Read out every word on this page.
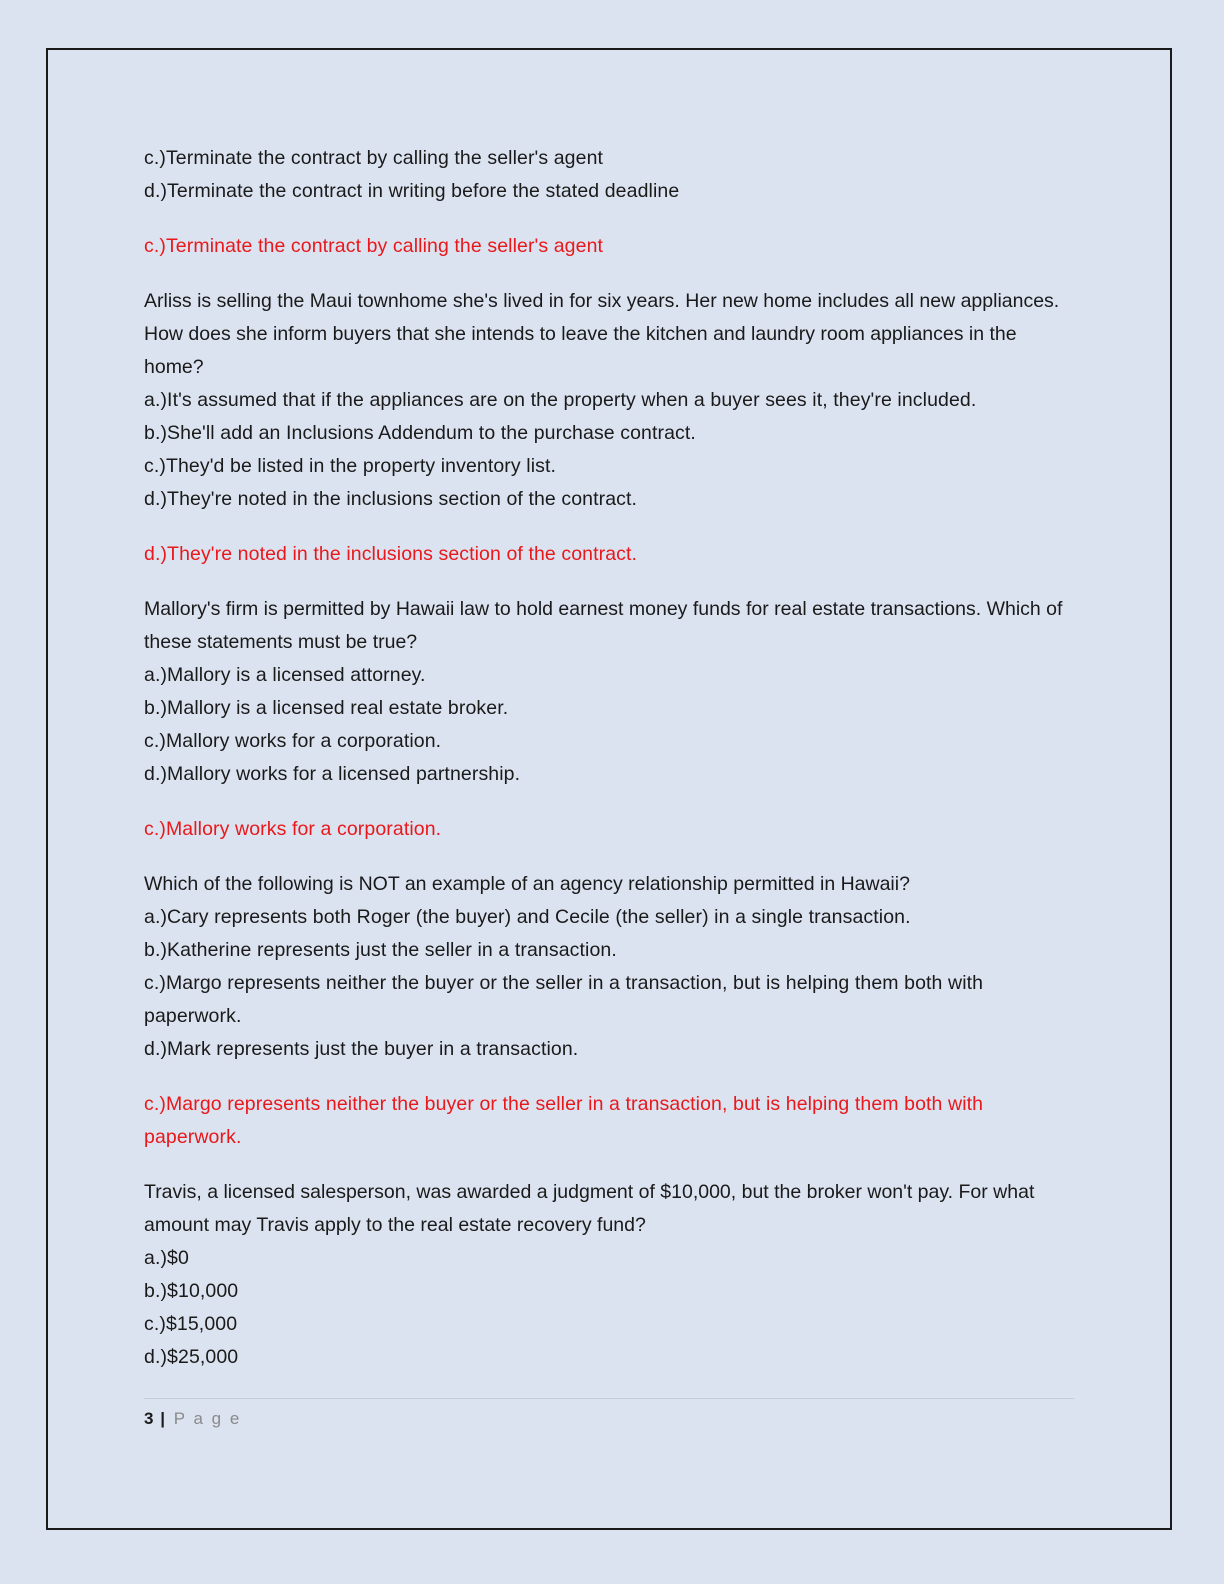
c.)Terminate the contract by calling the seller's agent
d.)Terminate the contract in writing before the stated deadline
c.)Terminate the contract by calling the seller's agent
Arliss is selling the Maui townhome she's lived in for six years. Her new home includes all new appliances. How does she inform buyers that she intends to leave the kitchen and laundry room appliances in the home?
a.)It's assumed that if the appliances are on the property when a buyer sees it, they're included.
b.)She'll add an Inclusions Addendum to the purchase contract.
c.)They'd be listed in the property inventory list.
d.)They're noted in the inclusions section of the contract.
d.)They're noted in the inclusions section of the contract.
Mallory's firm is permitted by Hawaii law to hold earnest money funds for real estate transactions. Which of these statements must be true?
a.)Mallory is a licensed attorney.
b.)Mallory is a licensed real estate broker.
c.)Mallory works for a corporation.
d.)Mallory works for a licensed partnership.
c.)Mallory works for a corporation.
Which of the following is NOT an example of an agency relationship permitted in Hawaii?
a.)Cary represents both Roger (the buyer) and Cecile (the seller) in a single transaction.
b.)Katherine represents just the seller in a transaction.
c.)Margo represents neither the buyer or the seller in a transaction, but is helping them both with paperwork.
d.)Mark represents just the buyer in a transaction.
c.)Margo represents neither the buyer or the seller in a transaction, but is helping them both with paperwork.
Travis, a licensed salesperson, was awarded a judgment of $10,000, but the broker won't pay. For what amount may Travis apply to the real estate recovery fund?
a.)$0
b.)$10,000
c.)$15,000
d.)$25,000
3 | P a g e
